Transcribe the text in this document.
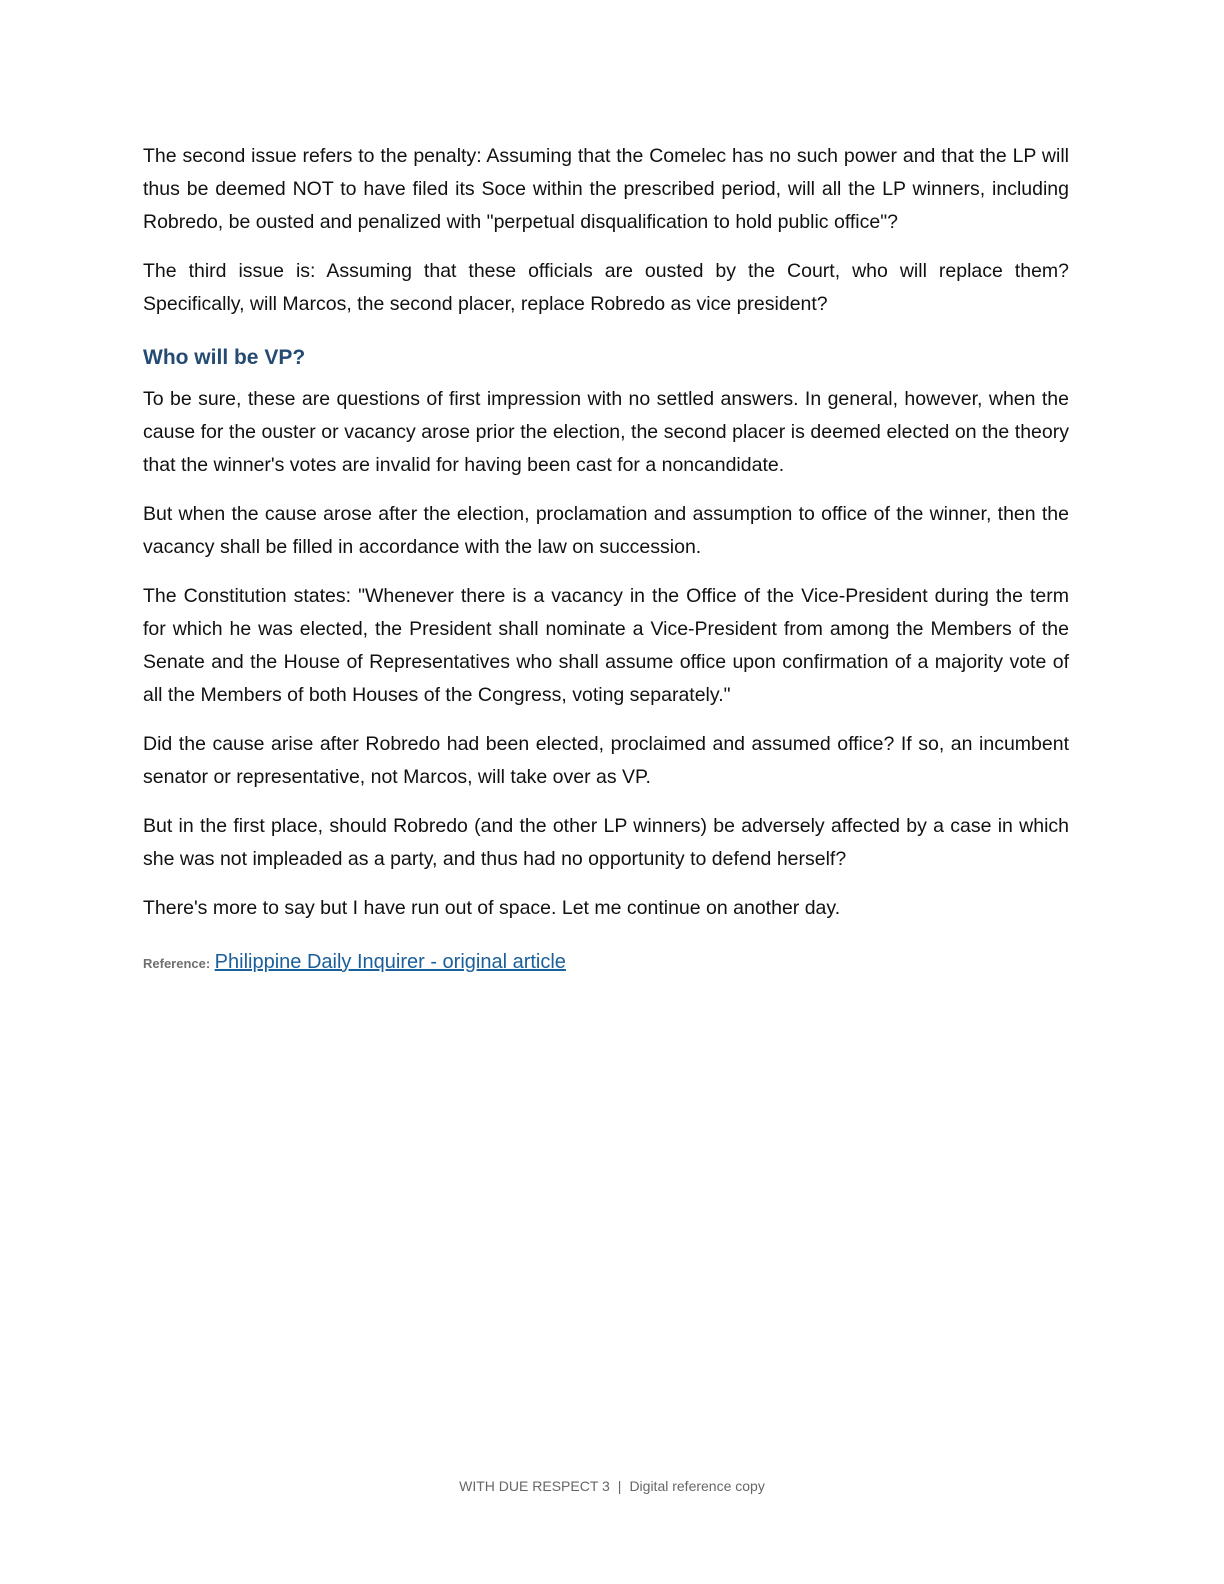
The second issue refers to the penalty: Assuming that the Comelec has no such power and that the LP will thus be deemed NOT to have filed its Soce within the prescribed period, will all the LP winners, including Robredo, be ousted and penalized with "perpetual disqualification to hold public office"?

The third issue is: Assuming that these officials are ousted by the Court, who will replace them? Specifically, will Marcos, the second placer, replace Robredo as vice president?

Who will be VP?

To be sure, these are questions of first impression with no settled answers. In general, however, when the cause for the ouster or vacancy arose prior the election, the second placer is deemed elected on the theory that the winner's votes are invalid for having been cast for a noncandidate.

But when the cause arose after the election, proclamation and assumption to office of the winner, then the vacancy shall be filled in accordance with the law on succession.

The Constitution states: "Whenever there is a vacancy in the Office of the Vice-President during the term for which he was elected, the President shall nominate a Vice-President from among the Members of the Senate and the House of Representatives who shall assume office upon confirmation of a majority vote of all the Members of both Houses of the Congress, voting separately."

Did the cause arise after Robredo had been elected, proclaimed and assumed office? If so, an incumbent senator or representative, not Marcos, will take over as VP.

But in the first place, should Robredo (and the other LP winners) be adversely affected by a case in which she was not impleaded as a party, and thus had no opportunity to defend herself?

There's more to say but I have run out of space. Let me continue on another day.

Reference: Philippine Daily Inquirer - original article
WITH DUE RESPECT 3 | Digital reference copy
